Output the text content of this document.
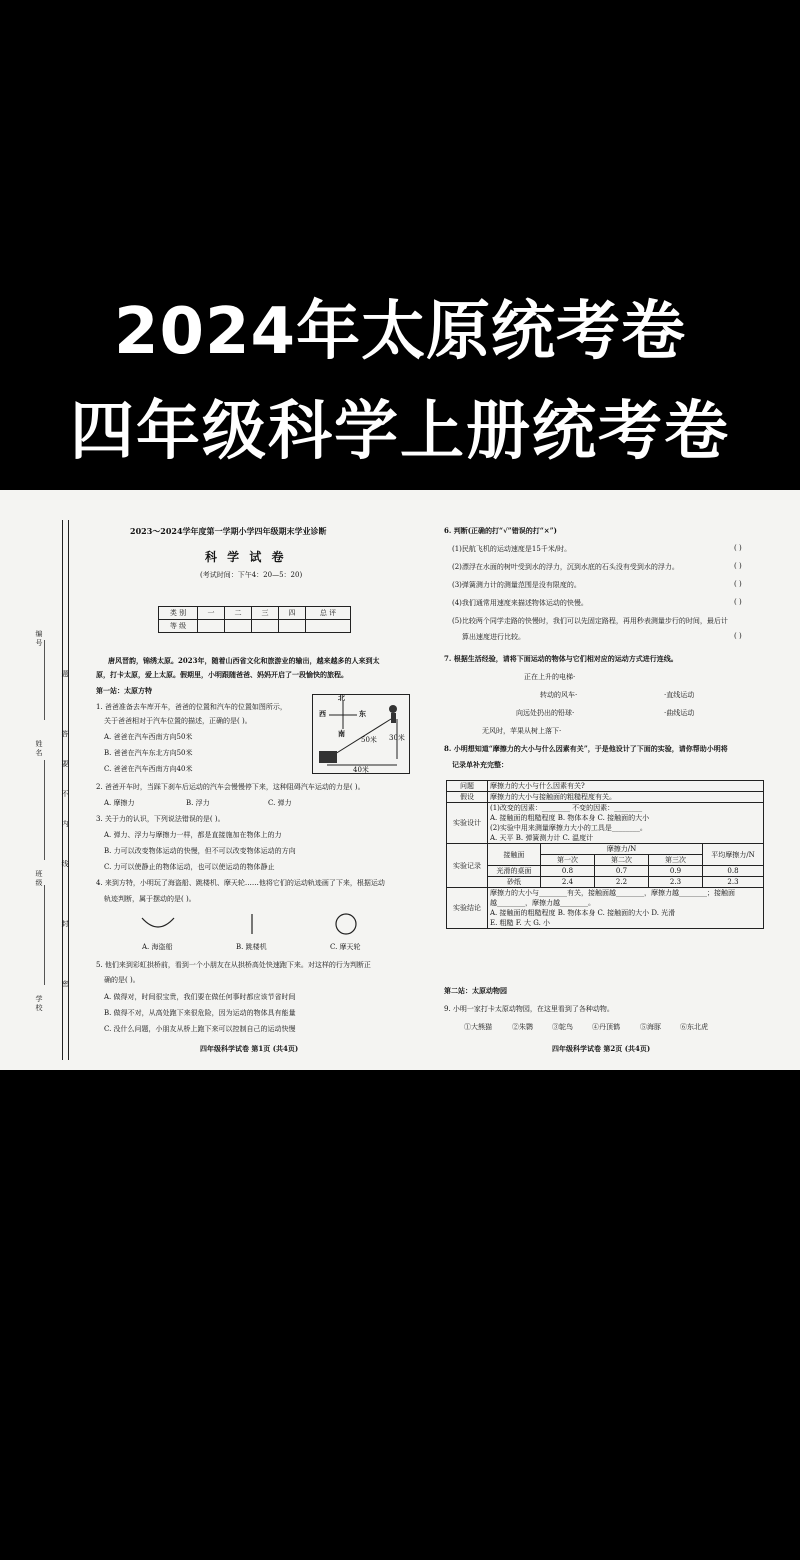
2024年太原统考卷
四年级科学上册统考卷
编号
姓名
班级
学校
题
答
要
不
内
线
封
密
2023～2024学年度第一学期小学四年级期末学业诊断
科 学 试 卷
(考试时间：下午4：20—5：20)
类 别	一	二	三	四	总 评
等 级					
唐风晋韵，锦绣太原。2023年，随着山西省文化和旅游业的输出，越来越多的人来到太
原，打卡太原，爱上太原。假期里，小明跟随爸爸、妈妈开启了一段愉快的旅程。
第一站：太原方特
1. 爸爸准备去车库开车，爸爸的位置和汽车的位置如图所示，
关于爸爸相对于汽车位置的描述，正确的是( )。
A. 爸爸在汽车西南方向50米
B. 爸爸在汽车东北方向50米
C. 爸爸在汽车西南方向40米
北
西	东
南
50米 30米
40米
2. 爸爸开车时，当踩下刹车后运动的汽车会慢慢停下来，这种阻碍汽车运动的力是( )。
A. 摩擦力	B. 浮力	C. 弹力
3. 关于力的认识，下列说法错误的是( )。
A. 弹力、浮力与摩擦力一样，都是直接施加在物体上的力
B. 力可以改变物体运动的快慢，但不可以改变物体运动的方向
C. 力可以使静止的物体运动，也可以使运动的物体静止
4. 来到方特，小明玩了海盗船、跳楼机、摩天轮……他将它们的运动轨迹画了下来，根据运动
轨迹判断，属于摆动的是( )。
A. 海盗船	B. 跳楼机	C. 摩天轮
5. 他们来到彩虹拱桥前，看到一个小朋友在从拱桥高处快速跑下来。对这样的行为判断正
确的是( )。
A. 做得对，时间很宝贵，我们要在做任何事时都应该节省时间
B. 做得不对，从高处跑下来很危险，因为运动的物体具有能量
C. 没什么问题，小朋友从桥上跑下来可以控制自己的运动快慢
四年级科学试卷 第1页 (共4页)
6. 判断(正确的打“√”错误的打“×”)
(1)民航飞机的运动速度是15千米/时。	( )
(2)漂浮在水面的树叶受到水的浮力，沉到水底的石头没有受到水的浮力。	( )
(3)弹簧测力计的测量范围是没有限度的。	( )
(4)我们通常用速度来描述物体运动的快慢。	( )
(5)比较两个同学走路的快慢时，我们可以先固定路程，再用秒表测量步行的时间，最后计
算出速度进行比较。	( )
7. 根据生活经验，请将下面运动的物体与它们相对应的运动方式进行连线。
正在上升的电梯·
转动的风车·
向远处扔出的铅球·
无风时，苹果从树上落下·
·直线运动
·曲线运动
8. 小明想知道“摩擦力的大小与什么因素有关”，于是他设计了下面的实验，请你帮助小明将
记录单补充完整：
问题	摩擦力的大小与什么因素有关?				
假设	摩擦力的大小与接触面的粗糙程度有关。				
实验设计	(1)改变的因素：________ 不变的因素：________
A. 接触面的粗糙程度 B. 物体本身 C. 接触面的大小
(2)实验中用来测量摩擦力大小的工具是________。
A. 天平 B. 弹簧测力计 C. 温度计				

实验记录	接触面	摩擦力/N			平均摩擦力/N
		第一次	第二次	第三次	
	光滑的桌面	0.8	0.7	0.9	0.8
	砂纸	2.4	2.2	2.3	2.3
实验结论	摩擦力的大小与________有关，接触面越________，摩擦力越________；接触面
越________，摩擦力越________。
A. 接触面的粗糙程度 B. 物体本身 C. 接触面的大小 D. 光滑
E. 粗糙 F. 大 G. 小				
第二站：太原动物园
9. 小明一家打卡太原动物园，在这里看到了各种动物。
①大熊猫	②朱鹮	③鸵鸟	④丹顶鹤	⑤海豚	⑥东北虎
四年级科学试卷 第2页 (共4页)
